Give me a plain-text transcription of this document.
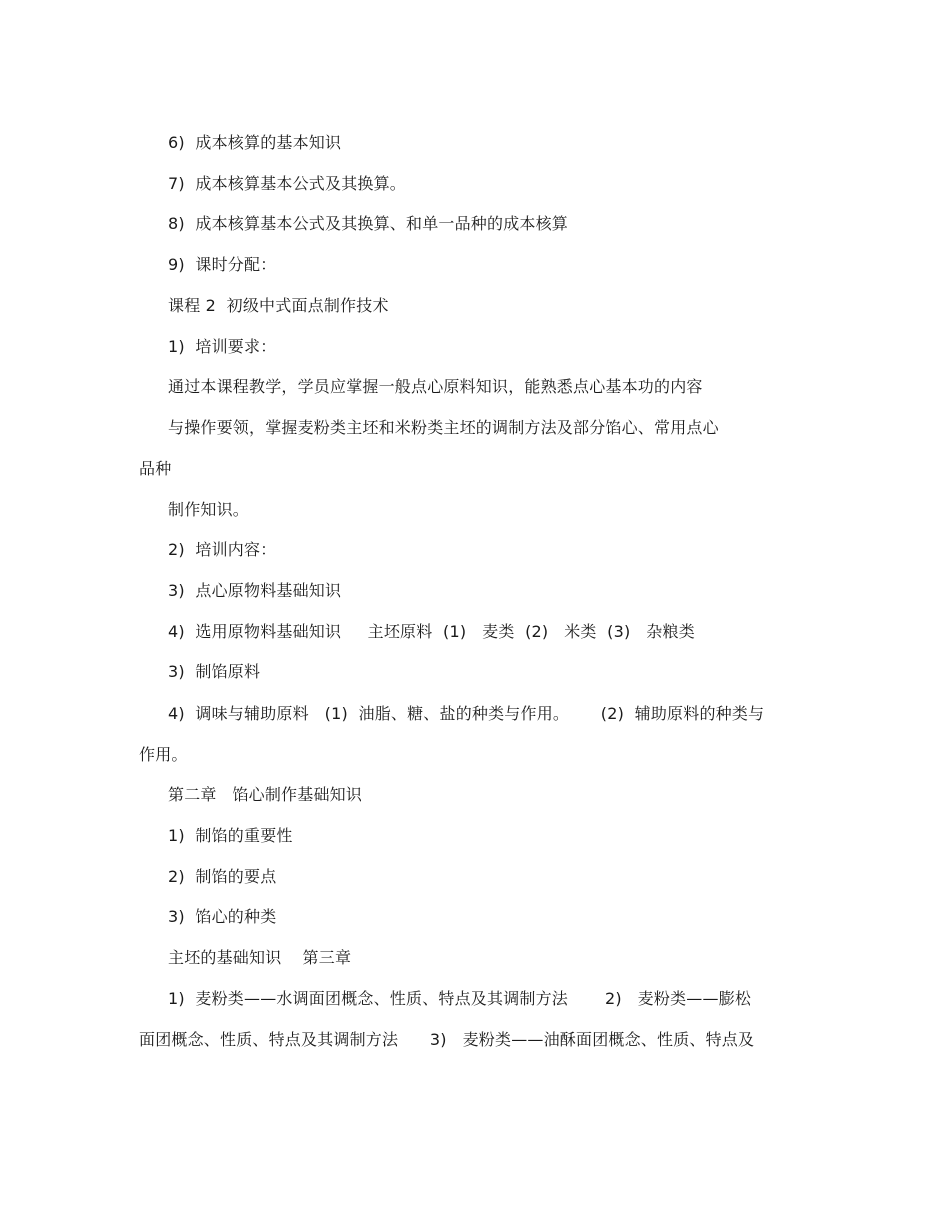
6)  成本核算的基本知识
7)  成本核算基本公式及其换算。
8)  成本核算基本公式及其换算、和单一品种的成本核算
9)  课时分配：
课程 2  初级中式面点制作技术
1)  培训要求：
通过本课程教学，学员应掌握一般点心原料知识，能熟悉点心基本功的内容
与操作要领，掌握麦粉类主坯和米粉类主坯的调制方法及部分馅心、常用点心
品种
制作知识。
2)  培训内容：
3)  点心原物料基础知识
4)  选用原物料基础知识     主坯原料  (1)   麦类  (2)   米类  (3)   杂粮类
3)  制馅原料
4)  调味与辅助原料   (1)  油脂、糖、盐的种类与作用。      (2)  辅助原料的种类与
作用。
第二章   馅心制作基础知识
1)  制馅的重要性
2)  制馅的要点
3)  馅心的种类
主坯的基础知识    第三章
1)  麦粉类——水调面团概念、性质、特点及其调制方法       2)   麦粉类——膨松
面团概念、性质、特点及其调制方法      3)   麦粉类——油酥面团概念、性质、特点及
